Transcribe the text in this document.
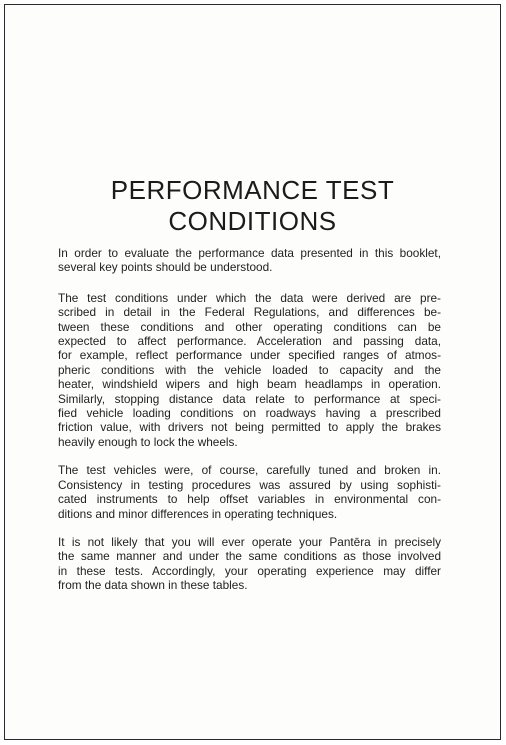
PERFORMANCE TEST
CONDITIONS

In order to evaluate the performance data presented in this booklet,
several key points should be understood.

The test conditions under which the data were derived are pre-
scribed in detail in the Federal Regulations, and differences be-
tween these conditions and other operating conditions can be
expected to affect performance. Acceleration and passing data,
for example, reflect performance under specified ranges of atmos-
pheric conditions with the vehicle loaded to capacity and the
heater, windshield wipers and high beam headlamps in operation.
Similarly, stopping distance data relate to performance at speci-
fied vehicle loading conditions on roadways having a prescribed
friction value, with drivers not being permitted to apply the brakes
heavily enough to lock the wheels.

The test vehicles were, of course, carefully tuned and broken in.
Consistency in testing procedures was assured by using sophisti-
cated instruments to help offset variables in environmental con-
ditions and minor differences in operating techniques.

It is not likely that you will ever operate your Pantēra in precisely
the same manner and under the same conditions as those involved
in these tests. Accordingly, your operating experience may differ
from the data shown in these tables.
